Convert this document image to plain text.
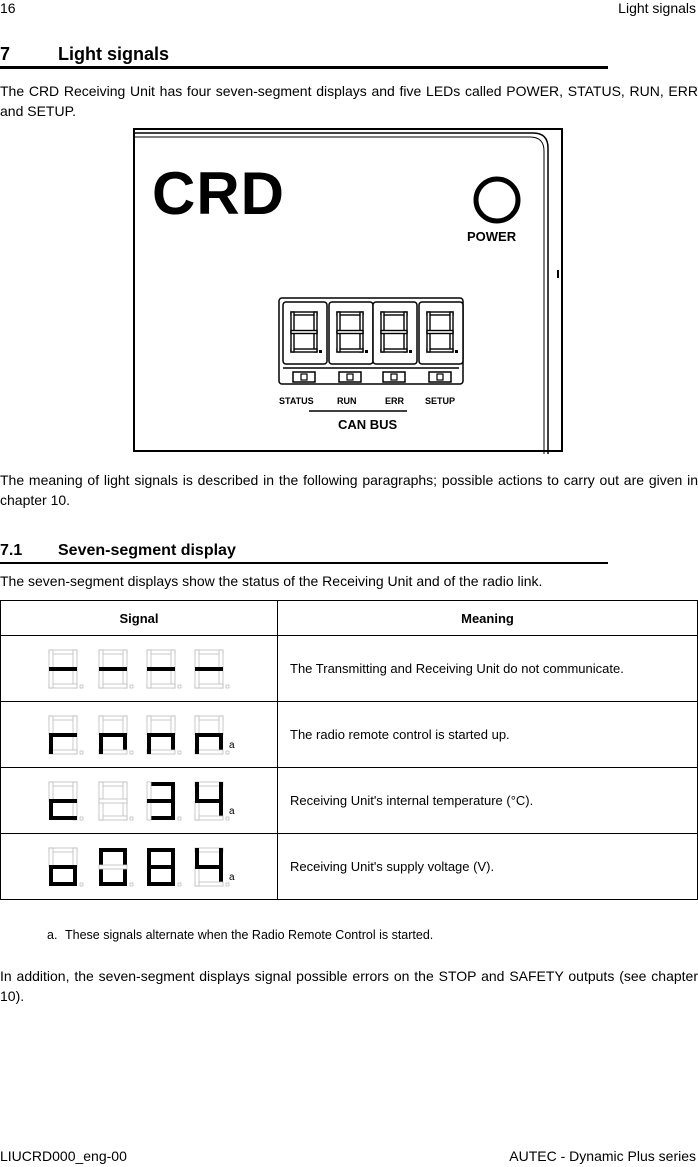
16	Light signals
7	Light signals
The CRD Receiving Unit has four seven-segment displays and five LEDs called POWER, STATUS, RUN, ERR and SETUP.
CRD
POWER
STATUS	RUN	ERR SETUP
CAN BUS
The meaning of light signals is described in the following paragraphs; possible actions to carry out are given in chapter 10.
7.1 Seven-segment display
The seven-segment displays show the status of the Receiving Unit and of the radio link.
Signal	Meaning

	The Transmitting and Receiving Unit do not communicate.

a	The radio remote control is started up.

a	Receiving Unit's internal temperature (°C).

a	Receiving Unit's supply voltage (V).
a. These signals alternate when the Radio Remote Control is started.
In addition, the seven-segment displays signal possible errors on the STOP and SAFETY outputs (see chapter 10).
LIUCRD000_eng-00	AUTEC - Dynamic Plus series
